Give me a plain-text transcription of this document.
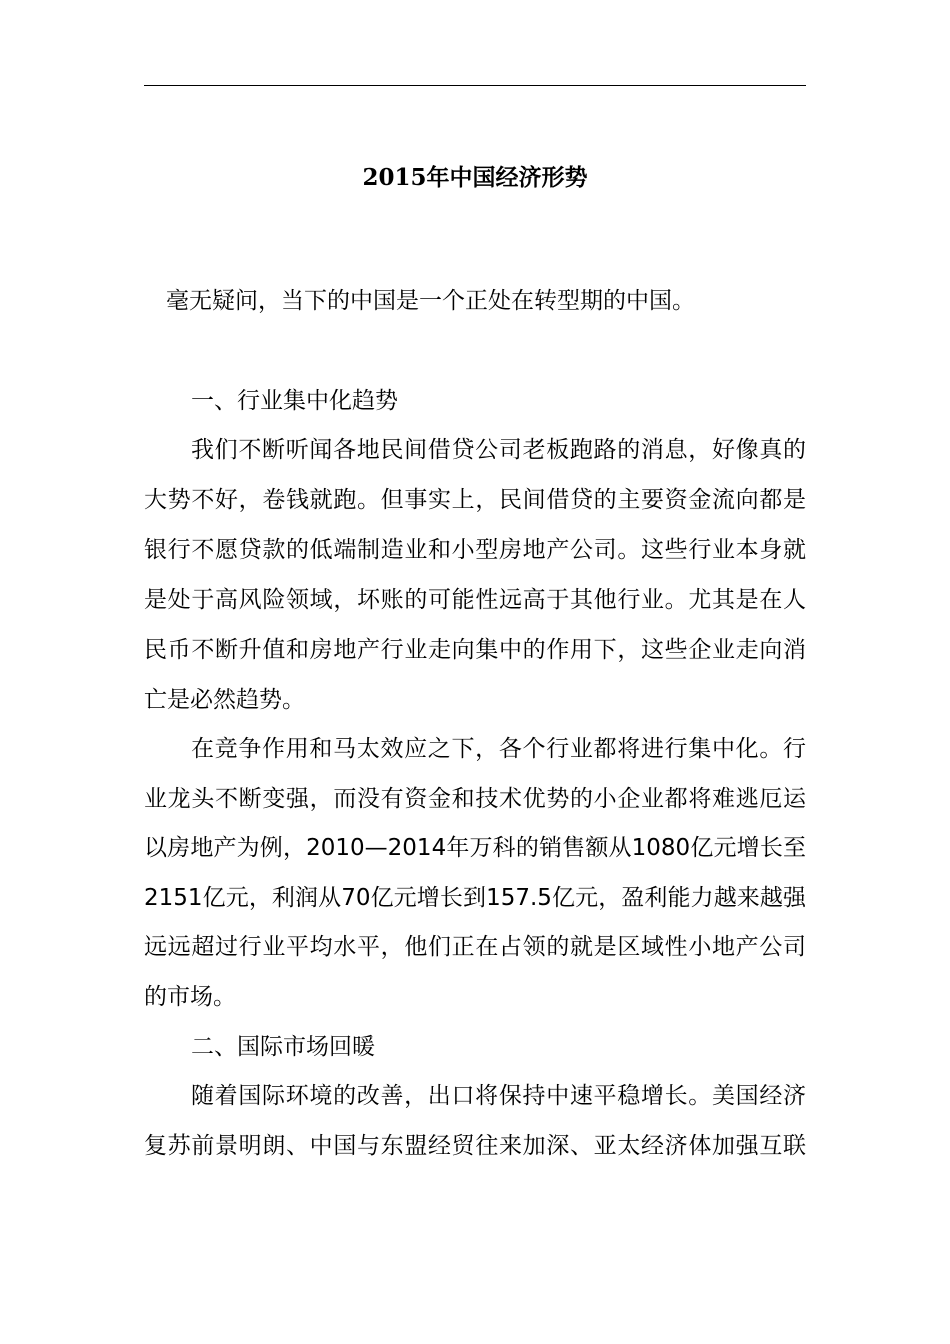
2015年中国经济形势
毫无疑问，当下的中国是一个正处在转型期的中国。
一、行业集中化趋势
我们不断听闻各地民间借贷公司老板跑路的消息，好像真的
大势不好，卷钱就跑。但事实上，民间借贷的主要资金流向都是
银行不愿贷款的低端制造业和小型房地产公司。这些行业本身就
是处于高风险领域，坏账的可能性远高于其他行业。尤其是在人
民币不断升值和房地产行业走向集中的作用下，这些企业走向消
亡是必然趋势。
在竞争作用和马太效应之下，各个行业都将进行集中化。行
业龙头不断变强，而没有资金和技术优势的小企业都将难逃厄运
以房地产为例，2010—2014年万科的销售额从1080亿元增长至
2151亿元，利润从70亿元增长到157.5亿元，盈利能力越来越强
远远超过行业平均水平，他们正在占领的就是区域性小地产公司
的市场。
二、国际市场回暖
随着国际环境的改善，出口将保持中速平稳增长。美国经济
复苏前景明朗、中国与东盟经贸往来加深、亚太经济体加强互联
